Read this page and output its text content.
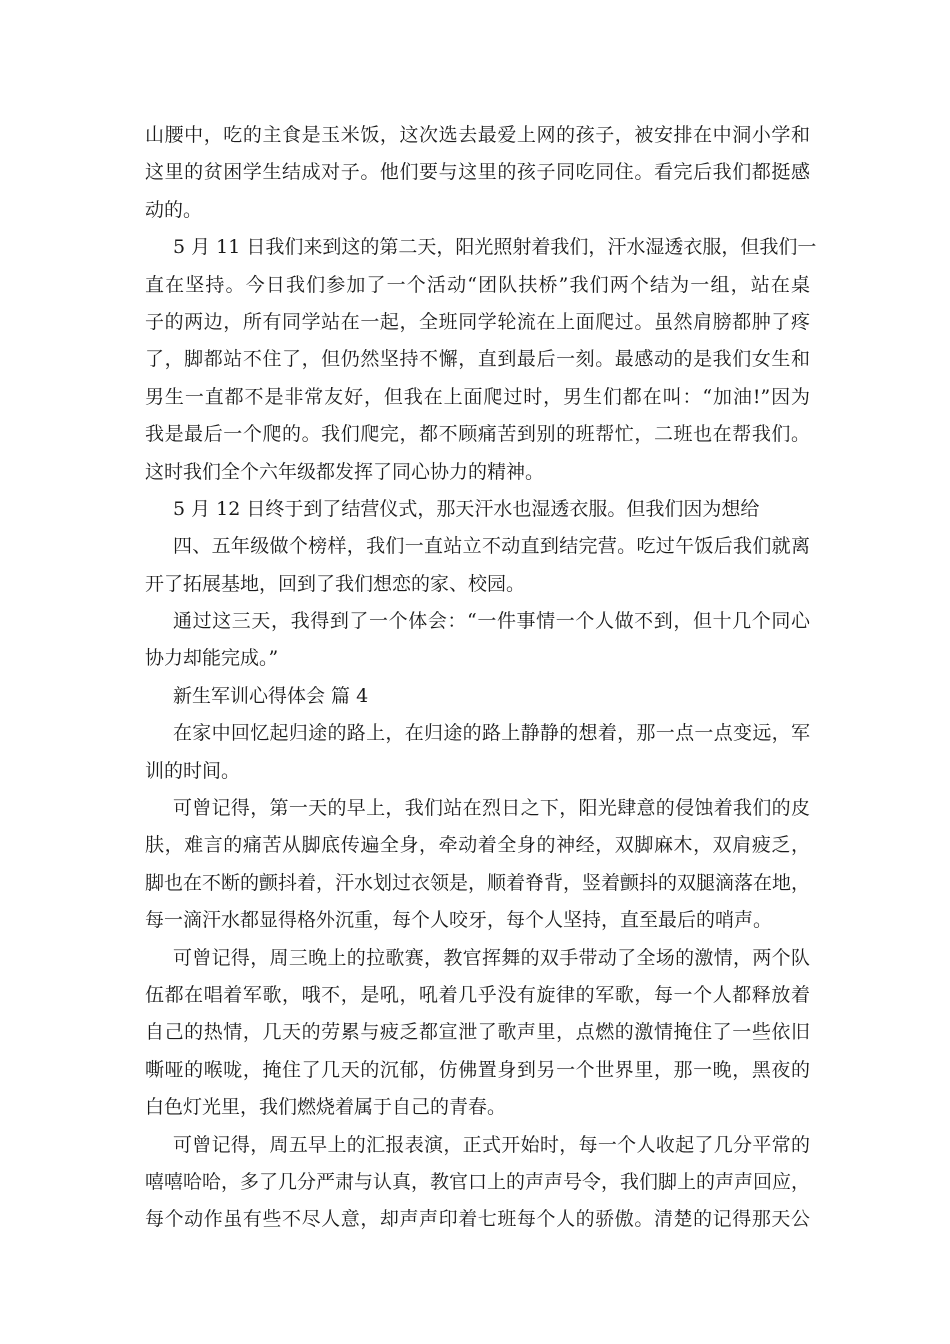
山腰中，吃的主食是玉米饭，这次选去最爱上网的孩子，被安排在中洞小学和
这里的贫困学生结成对子。他们要与这里的孩子同吃同住。看完后我们都挺感
动的。
5 月 11 日我们来到这的第二天，阳光照射着我们，汗水湿透衣服，但我们一
直在坚持。今日我们参加了一个活动“团队扶桥”我们两个结为一组，站在桌
子的两边，所有同学站在一起，全班同学轮流在上面爬过。虽然肩膀都肿了疼
了，脚都站不住了，但仍然坚持不懈，直到最后一刻。最感动的是我们女生和
男生一直都不是非常友好，但我在上面爬过时，男生们都在叫：“加油!”因为
我是最后一个爬的。我们爬完，都不顾痛苦到别的班帮忙，二班也在帮我们。
这时我们全个六年级都发挥了同心协力的精神。
5 月 12 日终于到了结营仪式，那天汗水也湿透衣服。但我们因为想给
四、五年级做个榜样，我们一直站立不动直到结完营。吃过午饭后我们就离
开了拓展基地，回到了我们想恋的家、校园。
通过这三天，我得到了一个体会：“一件事情一个人做不到，但十几个同心
协力却能完成。”
新生军训心得体会 篇 4
在家中回忆起归途的路上，在归途的路上静静的想着，那一点一点变远，军
训的时间。
可曾记得，第一天的早上，我们站在烈日之下，阳光肆意的侵蚀着我们的皮
肤，难言的痛苦从脚底传遍全身，牵动着全身的神经，双脚麻木，双肩疲乏，
脚也在不断的颤抖着，汗水划过衣领是，顺着脊背，竖着颤抖的双腿滴落在地，
每一滴汗水都显得格外沉重，每个人咬牙，每个人坚持，直至最后的哨声。
可曾记得，周三晚上的拉歌赛，教官挥舞的双手带动了全场的激情，两个队
伍都在唱着军歌，哦不，是吼，吼着几乎没有旋律的军歌，每一个人都释放着
自己的热情，几天的劳累与疲乏都宣泄了歌声里，点燃的激情掩住了一些依旧
嘶哑的喉咙，掩住了几天的沉郁，仿佛置身到另一个世界里，那一晚，黑夜的
白色灯光里，我们燃烧着属于自己的青春。
可曾记得，周五早上的汇报表演，正式开始时，每一个人收起了几分平常的
嘻嘻哈哈，多了几分严肃与认真，教官口上的声声号令，我们脚上的声声回应，
每个动作虽有些不尽人意，却声声印着七班每个人的骄傲。清楚的记得那天公
